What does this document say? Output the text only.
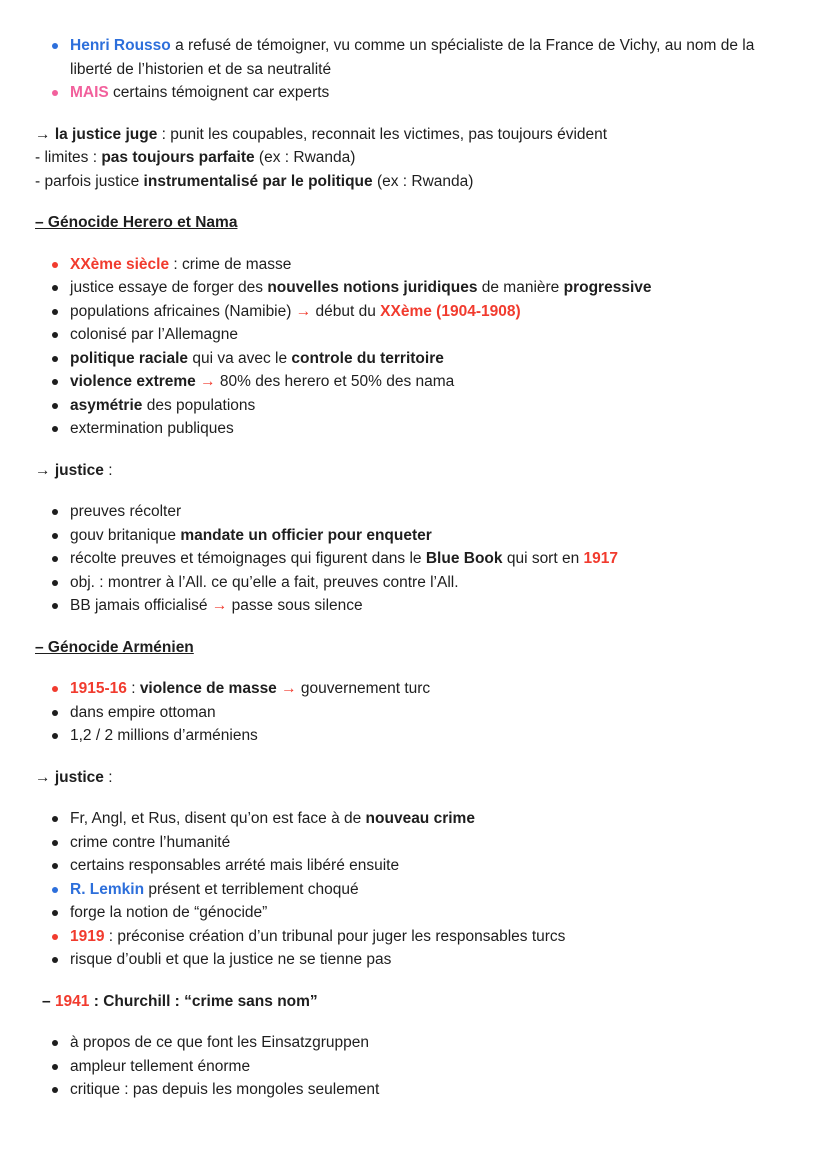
Henri Rousso a refusé de témoigner, vu comme un spécialiste de la France de Vichy, au nom de la liberté de l’historien et de sa neutralité
MAIS certains témoignent car experts
→ la justice juge : punit les coupables, reconnait les victimes, pas toujours évident
- limites : pas toujours parfaite (ex : Rwanda)
- parfois justice instrumentalisé par le politique (ex : Rwanda)
– Génocide Herero et Nama
XXème siècle : crime de masse
justice essaye de forger des nouvelles notions juridiques de manière progressive
populations africaines (Namibie) → début du XXème (1904-1908)
colonisé par l’Allemagne
politique raciale qui va avec le controle du territoire
violence extreme → 80% des herero et 50% des nama
asymétrie des populations
extermination publiques
→ justice :
preuves récolter
gouv britanique mandate un officier pour enqueter
récolte preuves et témoignages qui figurent dans le Blue Book qui sort en 1917
obj. : montrer à l’All. ce qu’elle a fait, preuves contre l’All.
BB jamais officialisé → passe sous silence
– Génocide Arménien
1915-16 : violence de masse → gouvernement turc
dans empire ottoman
1,2 / 2 millions d’arméniens
→ justice :
Fr, Angl, et Rus, disent qu’on est face à de nouveau crime
crime contre l’humanité
certains responsables arrété mais libéré ensuite
R. Lemkin présent et terriblement choqué
forge la notion de “génocide”
1919 : préconise création d’un tribunal pour juger les responsables turcs
risque d’oubli et que la justice ne se tienne pas
– 1941 : Churchill : “crime sans nom”
à propos de ce que font les Einsatzgruppen
ampleur tellement énorme
critique : pas depuis les mongoles seulement
